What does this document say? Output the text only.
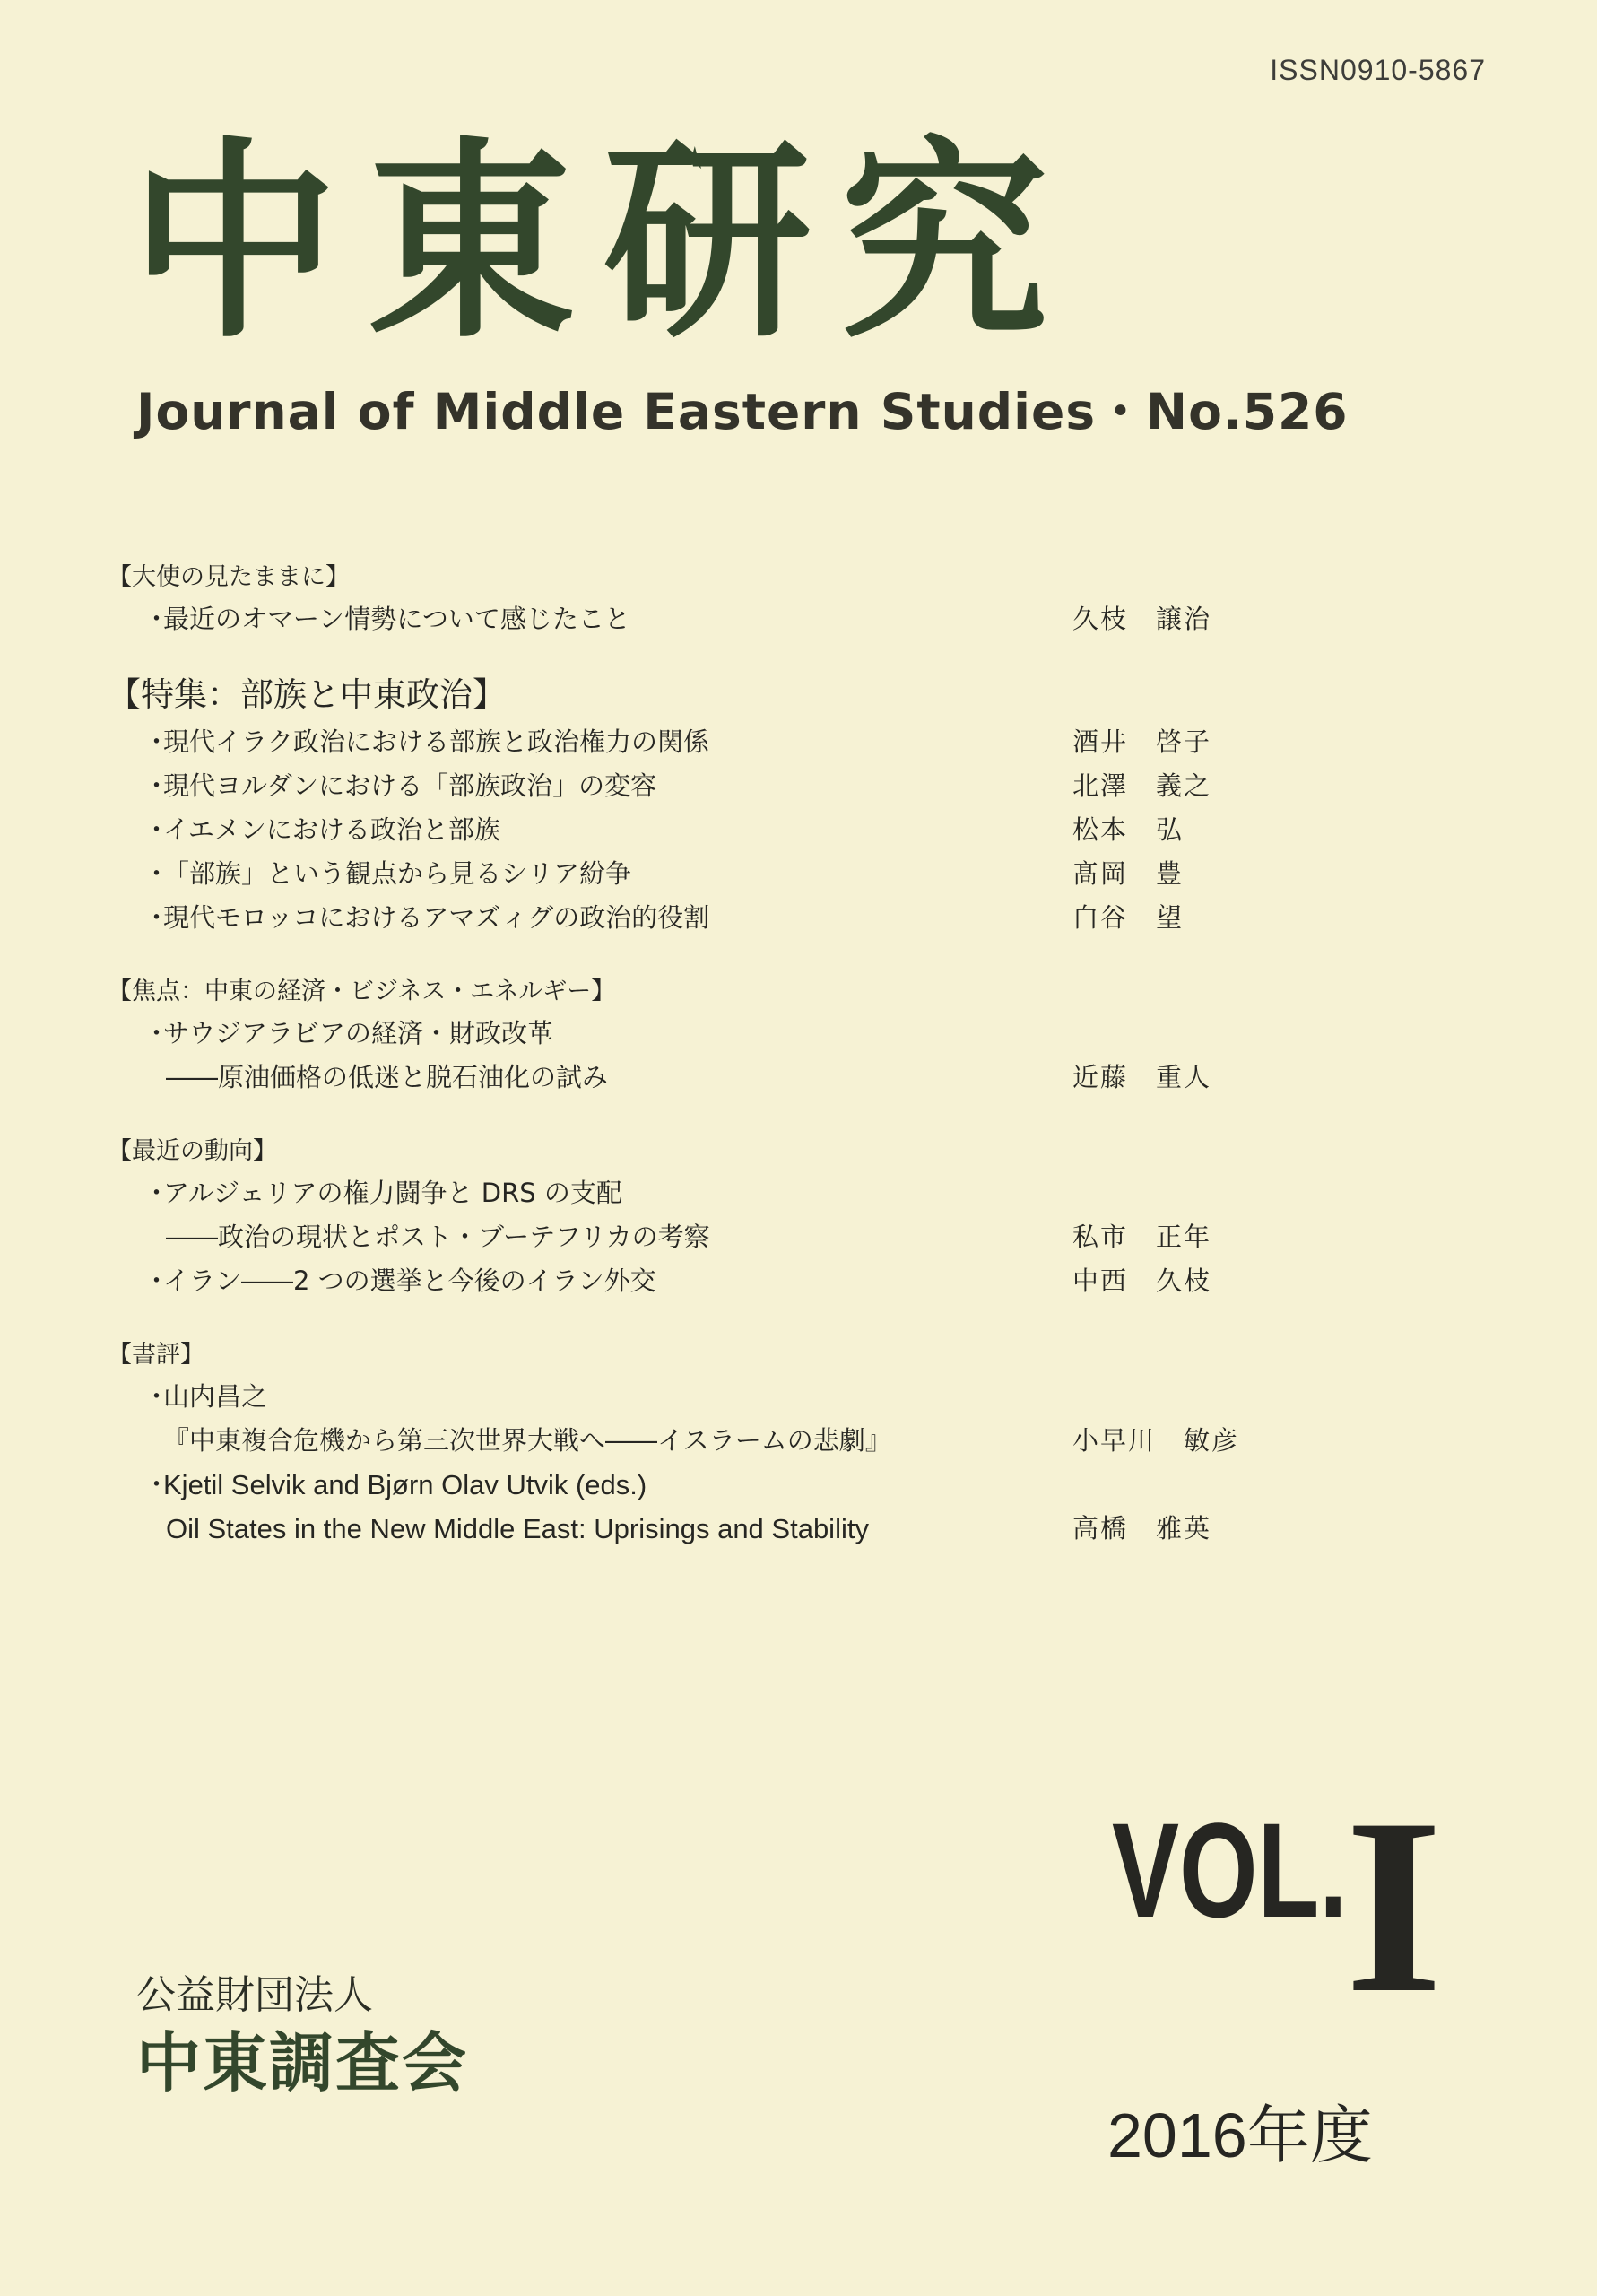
ISSN0910-5867
中東研究
Journal of Middle Eastern Studies・No.526
【大使の見たままに】
・
最近のオマーン情勢について感じたこと	久枝　譲治
【特集：部族と中東政治】
・
現代イラク政治における部族と政治権力の関係	酒井　啓子
・
現代ヨルダンにおける「部族政治」の変容	北澤　義之
・
イエメンにおける政治と部族	松本　弘
・
「部族」という観点から見るシリア紛争	髙岡　豊
・
現代モロッコにおけるアマズィグの政治的役割	白谷　望
【焦点：中東の経済・ビジネス・エネルギー】
・
サウジアラビアの経済・財政改革
――原油価格の低迷と脱石油化の試み	近藤　重人
【最近の動向】
・
アルジェリアの権力闘争と DRS の支配
――政治の現状とポスト・ブーテフリカの考察	私市　正年
・
イラン――2 つの選挙と今後のイラン外交	中西　久枝
【書評】
・
山内昌之
『中東複合危機から第三次世界大戦へ――イスラームの悲劇』	小早川　敏彦
・
Kjetil Selvik and Bjørn Olav Utvik (eds.)
Oil States in the New Middle East: Uprisings and Stability	高橋　雅英
公益財団法人
中東調査会
VOL.
I
2016年度
